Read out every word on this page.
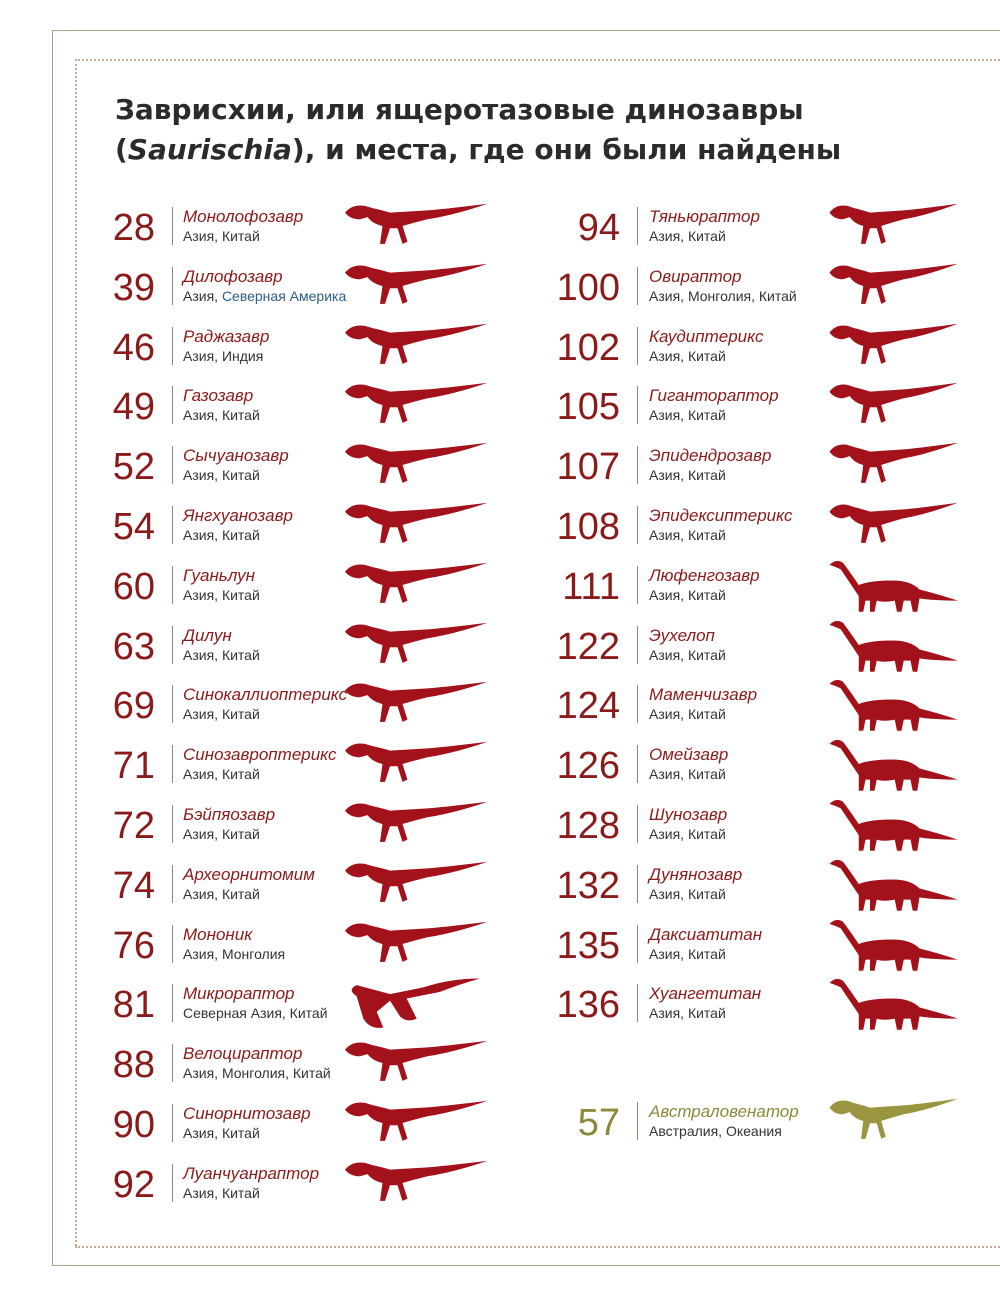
Заврисхии, или ящеротазовые динозавры
(Saurischia), и места, где они были найдены
28 Монолофозавр
Азия, Китай
39 Дилофозавр
Азия, Северная Америка
46 Раджазавр
Азия, Индия
49 Газозавр
Азия, Китай
52 Сычуанозавр
Азия, Китай
54 Янгхуанозавр
Азия, Китай
60 Гуаньлун
Азия, Китай
63 Дилун
Азия, Китай
69 Синокаллиоптерикс
Азия, Китай
71 Синозавроптерикс
Азия, Китай
72 Бэйпяозавр
Азия, Китай
74 Археорнитомим
Азия, Китай
76 Мононик
Азия, Монголия
81 Микрораптор
Северная Азия, Китай
88 Велоцираптор
Азия, Монголия, Китай
90 Синорнитозавр
Азия, Китай
92 Луанчуанраптор
Азия, Китай
94 Тяньюраптор
Азия, Китай
100 Овираптор
Азия, Монголия, Китай
102 Каудиптерикс
Азия, Китай
105 Гиганторaптор
Азия, Китай
107 Эпидендрозавр
Азия, Китай
108 Эпидексиптерикс
Азия, Китай
111 Люфенгозавр
Азия, Китай
122 Эухелоп
Азия, Китай
124 Маменчизавр
Азия, Китай
126 Омейзавр
Азия, Китай
128 Шунозавр
Азия, Китай
132 Дунянозавр
Азия, Китай
135 Даксиатитан
Азия, Китай
136 Хуангетитан
Азия, Китай
57 Австраловенатор
Австралия, Океания
